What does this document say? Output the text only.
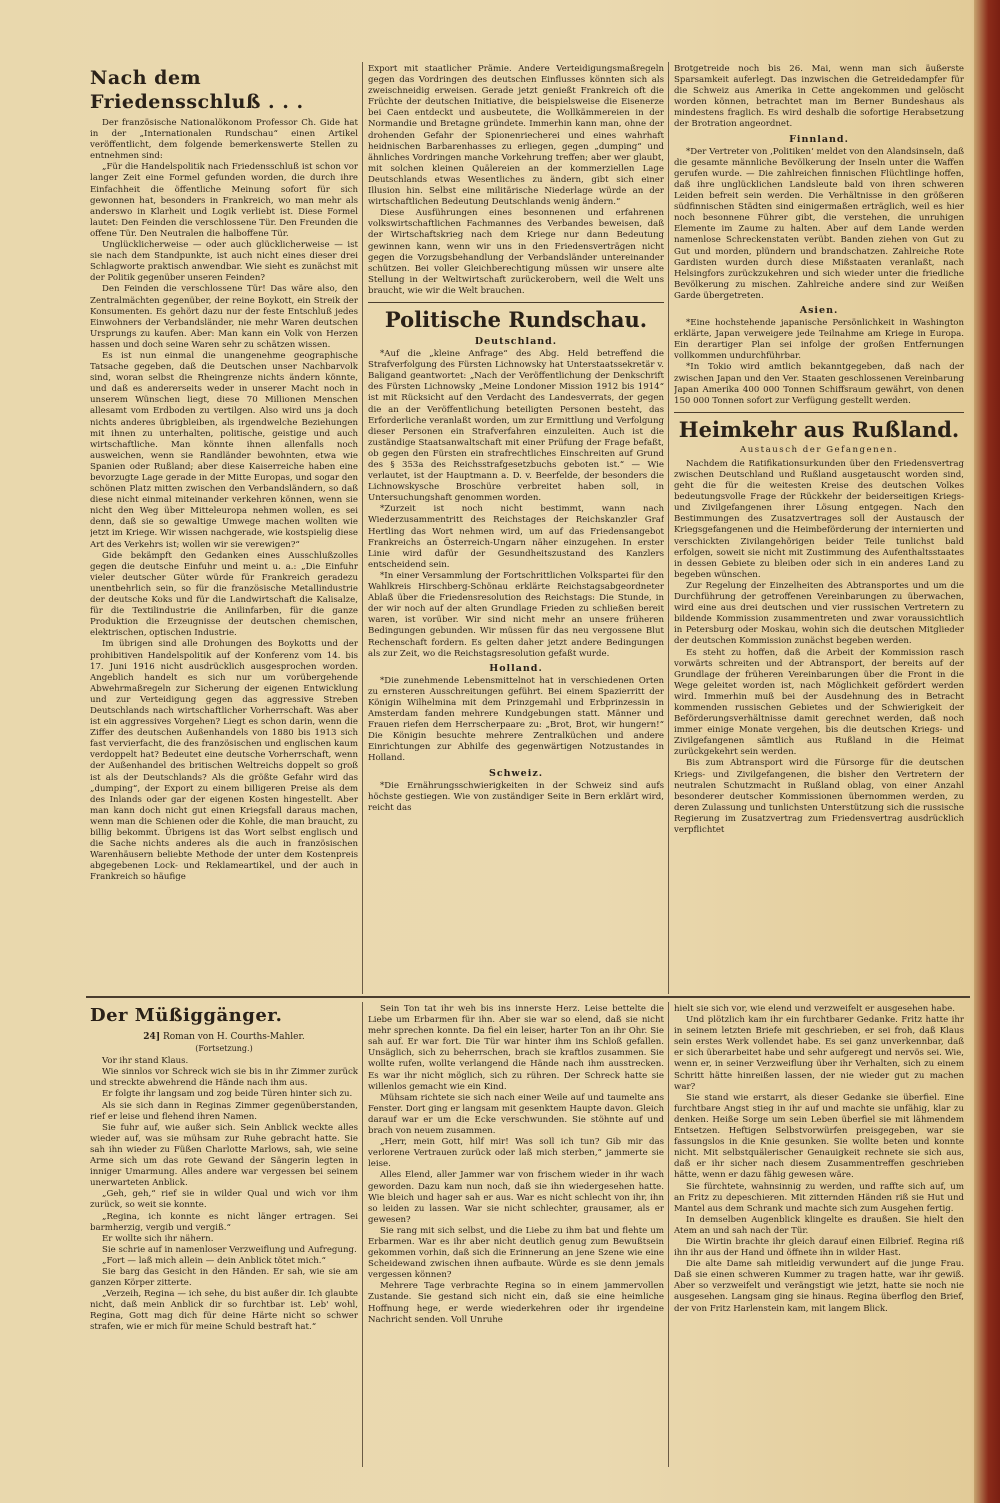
Nach dem Friedensschluß . . .

Der französische Nationalökonom Professor Ch. Gide hat in der „Internationalen Rundschau“ einen Artikel veröffentlicht, dem folgende bemerkenswerte Stellen zu entnehmen sind:

„Für die Handelspolitik nach Friedensschluß ist schon vor langer Zeit eine Formel gefunden worden, die durch ihre Einfachheit die öffentliche Meinung sofort für sich gewonnen hat, besonders in Frankreich, wo man mehr als anderswo in Klarheit und Logik verliebt ist. Diese Formel lautet: Den Feinden die verschlossene Tür. Den Freunden die offene Tür. Den Neutralen die halboffene Tür.

Unglücklicherweise — oder auch glücklicherweise — ist sie nach dem Standpunkte, ist auch nicht eines dieser drei Schlagworte praktisch anwendbar. Wie sieht es zunächst mit der Politik gegenüber unseren Feinden?

Den Feinden die verschlossene Tür! Das wäre also, den Zentralmächten gegenüber, der reine Boykott, ein Streik der Konsumenten. Es gehört dazu nur der feste Entschluß jedes Einwohners der Verbandsländer, nie mehr Waren deutschen Ursprungs zu kaufen. Aber: Man kann ein Volk von Herzen hassen und doch seine Waren sehr zu schätzen wissen.

Es ist nun einmal die unangenehme geographische Tatsache gegeben, daß die Deutschen unser Nachbarvolk sind, woran selbst die Rheingrenze nichts ändern könnte, und daß es andererseits weder in unserer Macht noch in unserem Wünschen liegt, diese 70 Millionen Menschen allesamt vom Erdboden zu vertilgen. Also wird uns ja doch nichts anderes übrigbleiben, als irgendwelche Beziehungen mit ihnen zu unterhalten, politische, geistige und auch wirtschaftliche. Man könnte ihnen allenfalls noch ausweichen, wenn sie Randländer bewohnten, etwa wie Spanien oder Rußland; aber diese Kaiserreiche haben eine bevorzugte Lage gerade in der Mitte Europas, und sogar den schönen Platz mitten zwischen den Verbandsländern, so daß diese nicht einmal miteinander verkehren können, wenn sie nicht den Weg über Mitteleuropa nehmen wollen, es sei denn, daß sie so gewaltige Umwege machen wollten wie jetzt im Kriege. Wir wissen nachgerade, wie kostspielig diese Art des Verkehrs ist; wollen wir sie verewigen?“

Gide bekämpft den Gedanken eines Ausschlußzolles gegen die deutsche Einfuhr und meint u. a.: „Die Einfuhr vieler deutscher Güter würde für Frankreich geradezu unentbehrlich sein, so für die französische Metallindustrie der deutsche Koks und für die Landwirtschaft die Kalisalze, für die Textilindustrie die Anilinfarben, für die ganze Produktion die Erzeugnisse der deutschen chemischen, elektrischen, optischen Industrie.

Im übrigen sind alle Drohungen des Boykotts und der prohibitiven Handelspolitik auf der Konferenz vom 14. bis 17. Juni 1916 nicht ausdrücklich ausgesprochen worden. Angeblich handelt es sich nur um vorübergehende Abwehrmaßregeln zur Sicherung der eigenen Entwicklung und zur Verteidigung gegen das aggressive Streben Deutschlands nach wirtschaftlicher Vorherrschaft. Was aber ist ein aggressives Vorgehen? Liegt es schon darin, wenn die Ziffer des deutschen Außenhandels von 1880 bis 1913 sich fast vervierfacht, die des französischen und englischen kaum verdoppelt hat? Bedeutet eine deutsche Vorherrschaft, wenn der Außenhandel des britischen Weltreichs doppelt so groß ist als der Deutschlands? Als die größte Gefahr wird das „dumping“, der Export zu einem billigeren Preise als dem des Inlands oder gar der eigenen Kosten hingestellt. Aber man kann doch nicht gut einen Kriegsfall daraus machen, wenn man die Schienen oder die Kohle, die man braucht, zu billig bekommt. Übrigens ist das Wort selbst englisch und die Sache nichts anderes als die auch in französischen Warenhäusern beliebte Methode der unter dem Kostenpreis abgegebenen Lock- und Reklameartikel, und der auch in Frankreich so häufige

Export mit staatlicher Prämie. Andere Verteidigungsmaßregeln gegen das Vordringen des deutschen Einflusses könnten sich als zweischneidig erweisen. Gerade jetzt genießt Frankreich oft die Früchte der deutschen Initiative, die beispielsweise die Eisenerze bei Caen entdeckt und ausbeutete, die Wollkämmereien in der Normandie und Bretagne gründete. Immerhin kann man, ohne der drohenden Gefahr der Spionenriecherei und eines wahrhaft heidnischen Barbarenhasses zu erliegen, gegen „dumping“ und ähnliches Vordringen manche Vorkehrung treffen; aber wer glaubt, mit solchen kleinen Quälereien an der kommerziellen Lage Deutschlands etwas Wesentliches zu ändern, gibt sich einer Illusion hin. Selbst eine militärische Niederlage würde an der wirtschaftlichen Bedeutung Deutschlands wenig ändern.“

Diese Ausführungen eines besonnenen und erfahrenen volkswirtschaftlichen Fachmannes des Verbandes beweisen, daß der Wirtschaftskrieg nach dem Kriege nur dann Bedeutung gewinnen kann, wenn wir uns in den Friedensverträgen nicht gegen die Vorzugsbehandlung der Verbandsländer untereinander schützen. Bei voller Gleichberechtigung müssen wir unsere alte Stellung in der Weltwirtschaft zurückerobern, weil die Welt uns braucht, wie wir die Welt brauchen.

Politische Rundschau.
Deutschland.

*Auf die „kleine Anfrage“ des Abg. Held betreffend die Strafverfolgung des Fürsten Lichnowsky hat Unterstaatssekretär v. Baligand geantwortet: „Nach der Veröffentlichung der Denkschrift des Fürsten Lichnowsky „Meine Londoner Mission 1912 bis 1914“ ist mit Rücksicht auf den Verdacht des Landesverrats, der gegen die an der Veröffentlichung beteiligten Personen besteht, das Erforderliche veranlaßt worden, um zur Ermittlung und Verfolgung dieser Personen ein Strafverfahren einzuleiten. Auch ist die zuständige Staatsanwaltschaft mit einer Prüfung der Frage befaßt, ob gegen den Fürsten ein strafrechtliches Einschreiten auf Grund des § 353a des Reichsstrafgesetzbuchs geboten ist.“ — Wie verlautet, ist der Hauptmann a. D. v. Beerfelde, der besonders die Lichnowskysche Broschüre verbreitet haben soll, in Untersuchungshaft genommen worden.

*Zurzeit ist noch nicht bestimmt, wann nach Wiederzusammentritt des Reichstages der Reichskanzler Graf Hertling das Wort nehmen wird, um auf das Friedensangebot Frankreichs an Österreich-Ungarn näher einzugehen. In erster Linie wird dafür der Gesundheitszustand des Kanzlers entscheidend sein.

*In einer Versammlung der Fortschrittlichen Volkspartei für den Wahlkreis Hirschberg-Schönau erklärte Reichstagsabgeordneter Ablaß über die Friedensresolution des Reichstags: Die Stunde, in der wir noch auf der alten Grundlage Frieden zu schließen bereit waren, ist vorüber. Wir sind nicht mehr an unsere früheren Bedingungen gebunden. Wir müssen für das neu vergossene Blut Rechenschaft fordern. Es gelten daher jetzt andere Bedingungen als zur Zeit, wo die Reichstagsresolution gefaßt wurde.

Holland.

*Die zunehmende Lebensmittelnot hat in verschiedenen Orten zu ernsteren Ausschreitungen geführt. Bei einem Spazierritt der Königin Wilhelmina mit dem Prinzgemahl und Erbprinzessin in Amsterdam fanden mehrere Kundgebungen statt. Männer und Frauen riefen dem Herrscherpaare zu: „Brot, Brot, wir hungern!“ Die Königin besuchte mehrere Zentralküchen und andere Einrichtungen zur Abhilfe des gegenwärtigen Notzustandes in Holland.

Schweiz.

*Die Ernährungsschwierigkeiten in der Schweiz sind aufs höchste gestiegen. Wie von zuständiger Seite in Bern erklärt wird, reicht das

Brotgetreide noch bis 26. Mai, wenn man sich äußerste Sparsamkeit auferlegt. Das inzwischen die Getreidedampfer für die Schweiz aus Amerika in Cette angekommen und gelöscht worden können, betrachtet man im Berner Bundeshaus als mindestens fraglich. Es wird deshalb die sofortige Herabsetzung der Brotration angeordnet.

Finnland.

*Der Vertreter von ‚Politiken‘ meldet von den Alandsinseln, daß die gesamte männliche Bevölkerung der Inseln unter die Waffen gerufen wurde. — Die zahlreichen finnischen Flüchtlinge hoffen, daß ihre unglücklichen Landsleute bald von ihren schweren Leiden befreit sein werden. Die Verhältnisse in den größeren südfinnischen Städten sind einigermaßen erträglich, weil es hier noch besonnene Führer gibt, die verstehen, die unruhigen Elemente im Zaume zu halten. Aber auf dem Lande werden namenlose Schreckenstaten verübt. Banden ziehen von Gut zu Gut und morden, plündern und brandschatzen. Zahlreiche Rote Gardisten wurden durch diese Mißstaaten veranlaßt, nach Helsingfors zurückzukehren und sich wieder unter die friedliche Bevölkerung zu mischen. Zahlreiche andere sind zur Weißen Garde übergetreten.

Asien.

*Eine hochstehende japanische Persönlichkeit in Washington erklärte, Japan verweigere jede Teilnahme am Kriege in Europa. Ein derartiger Plan sei infolge der großen Entfernungen vollkommen undurchführbar.

*In Tokio wird amtlich bekanntgegeben, daß nach der zwischen Japan und den Ver. Staaten geschlossenen Vereinbarung Japan Amerika 400 000 Tonnen Schiffsraum gewährt, von denen 150 000 Tonnen sofort zur Verfügung gestellt werden.

Heimkehr aus Rußland.
Austausch der Gefangenen.

Nachdem die Ratifikationsurkunden über den Friedensvertrag zwischen Deutschland und Rußland ausgetauscht worden sind, geht die für die weitesten Kreise des deutschen Volkes bedeutungsvolle Frage der Rückkehr der beiderseitigen Kriegs- und Zivilgefangenen ihrer Lösung entgegen. Nach den Bestimmungen des Zusatzvertrages soll der Austausch der Kriegsgefangenen und die Heimbeförderung der internierten und verschickten Zivilangehörigen beider Teile tunlichst bald erfolgen, soweit sie nicht mit Zustimmung des Aufenthaltsstaates in dessen Gebiete zu bleiben oder sich in ein anderes Land zu begeben wünschen.

Zur Regelung der Einzelheiten des Abtransportes und um die Durchführung der getroffenen Vereinbarungen zu überwachen, wird eine aus drei deutschen und vier russischen Vertretern zu bildende Kommission zusammentreten und zwar voraussichtlich in Petersburg oder Moskau, wohin sich die deutschen Mitglieder der deutschen Kommission zunächst begeben werden.

Es steht zu hoffen, daß die Arbeit der Kommission rasch vorwärts schreiten und der Abtransport, der bereits auf der Grundlage der früheren Vereinbarungen über die Front in die Wege geleitet worden ist, nach Möglichkeit gefördert werden wird. Immerhin muß bei der Ausdehnung des in Betracht kommenden russischen Gebietes und der Schwierigkeit der Beförderungsverhältnisse damit gerechnet werden, daß noch immer einige Monate vergehen, bis die deutschen Kriegs- und Zivilgefangenen sämtlich aus Rußland in die Heimat zurückgekehrt sein werden.

Bis zum Abtransport wird die Fürsorge für die deutschen Kriegs- und Zivilgefangenen, die bisher den Vertretern der neutralen Schutzmacht in Rußland oblag, von einer Anzahl besonderer deutscher Kommissionen übernommen werden, zu deren Zulassung und tunlichsten Unterstützung sich die russische Regierung im Zusatzvertrag zum Friedensvertrag ausdrücklich verpflichtet

Der Müßiggänger.
24] Roman von H. Courths-Mahler.
(Fortsetzung.)

Vor ihr stand Klaus.

Wie sinnlos vor Schreck wich sie bis in ihr Zimmer zurück und streckte abwehrend die Hände nach ihm aus.

Er folgte ihr langsam und zog beide Türen hinter sich zu.

Als sie sich dann in Reginas Zimmer gegenüberstanden, rief er leise und flehend ihren Namen.

Sie fuhr auf, wie außer sich. Sein Anblick weckte alles wieder auf, was sie mühsam zur Ruhe gebracht hatte. Sie sah ihn wieder zu Füßen Charlotte Marlows, sah, wie seine Arme sich um das rote Gewand der Sängerin legten in inniger Umarmung. Alles andere war vergessen bei seinem unerwarteten Anblick.

„Geh, geh,“ rief sie in wilder Qual und wich vor ihm zurück, so weit sie konnte.

„Regina, ich konnte es nicht länger ertragen. Sei barmherzig, vergib und vergiß.“

Er wollte sich ihr nähern.

Sie schrie auf in namenloser Verzweiflung und Aufregung.

„Fort — laß mich allein — dein Anblick tötet mich.“

Sie barg das Gesicht in den Händen. Er sah, wie sie am ganzen Körper zitterte.

„Verzeih, Regina — ich sehe, du bist außer dir. Ich glaubte nicht, daß mein Anblick dir so furchtbar ist. Leb' wohl, Regina, Gott mag dich für deine Härte nicht so schwer strafen, wie er mich für meine Schuld bestraft hat.“

Sein Ton tat ihr weh bis ins innerste Herz. Leise bettelte die Liebe um Erbarmen für ihn. Aber sie war so elend, daß sie nicht mehr sprechen konnte. Da fiel ein leiser, harter Ton an ihr Ohr. Sie sah auf. Er war fort. Die Tür war hinter ihm ins Schloß gefallen. Unsäglich, sich zu beherrschen, brach sie kraftlos zusammen. Sie wollte rufen, wollte verlangend die Hände nach ihm ausstrecken. Es war ihr nicht möglich, sich zu rühren. Der Schreck hatte sie willenlos gemacht wie ein Kind.

Mühsam richtete sie sich nach einer Weile auf und taumelte ans Fenster. Dort ging er langsam mit gesenktem Haupte davon. Gleich darauf war er um die Ecke verschwunden. Sie stöhnte auf und brach von neuem zusammen.

„Herr, mein Gott, hilf mir! Was soll ich tun? Gib mir das verlorene Vertrauen zurück oder laß mich sterben,“ jammerte sie leise.

Alles Elend, aller Jammer war von frischem wieder in ihr wach geworden. Dazu kam nun noch, daß sie ihn wiedergesehen hatte. Wie bleich und hager sah er aus. War es nicht schlecht von ihr, ihn so leiden zu lassen. War sie nicht schlechter, grausamer, als er gewesen?

Sie rang mit sich selbst, und die Liebe zu ihm bat und flehte um Erbarmen. War es ihr aber nicht deutlich genug zum Bewußtsein gekommen vorhin, daß sich die Erinnerung an jene Szene wie eine Scheidewand zwischen ihnen aufbaute. Würde es sie denn jemals vergessen können?

Mehrere Tage verbrachte Regina so in einem jammervollen Zustande. Sie gestand sich nicht ein, daß sie eine heimliche Hoffnung hege, er werde wiederkehren oder ihr irgendeine Nachricht senden. Voll Unruhe

hielt sie sich vor, wie elend und verzweifelt er ausgesehen habe.

Und plötzlich kam ihr ein furchtbarer Gedanke. Fritz hatte ihr in seinem letzten Briefe mit geschrieben, er sei froh, daß Klaus sein erstes Werk vollendet habe. Es sei ganz unverkennbar, daß er sich überarbeitet habe und sehr aufgeregt und nervös sei. Wie, wenn er, in seiner Verzweiflung über ihr Verhalten, sich zu einem Schritt hätte hinreißen lassen, der nie wieder gut zu machen war?

Sie stand wie erstarrt, als dieser Gedanke sie überfiel. Eine furchtbare Angst stieg in ihr auf und machte sie unfähig, klar zu denken. Heiße Sorge um sein Leben überfiel sie mit lähmendem Entsetzen. Heftigen Selbstvorwürfen preisgegeben, war sie fassungslos in die Knie gesunken. Sie wollte beten und konnte nicht. Mit selbstquälerischer Genauigkeit rechnete sie sich aus, daß er ihr sicher nach diesem Zusammentreffen geschrieben hätte, wenn er dazu fähig gewesen wäre.

Sie fürchtete, wahnsinnig zu werden, und raffte sich auf, um an Fritz zu depeschieren. Mit zitternden Händen riß sie Hut und Mantel aus dem Schrank und machte sich zum Ausgehen fertig.

In demselben Augenblick klingelte es draußen. Sie hielt den Atem an und sah nach der Tür.

Die Wirtin brachte ihr gleich darauf einen Eilbrief. Regina riß ihn ihr aus der Hand und öffnete ihn in wilder Hast.

Die alte Dame sah mitleidig verwundert auf die junge Frau. Daß sie einen schweren Kummer zu tragen hatte, war ihr gewiß. Aber so verzweifelt und verängstigt wie jetzt, hatte sie noch nie ausgesehen. Langsam ging sie hinaus. Regina überflog den Brief, der von Fritz Harlenstein kam, mit langem Blick.
